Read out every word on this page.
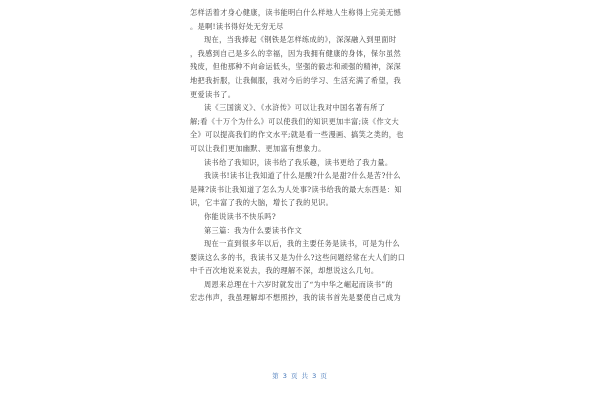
怎样活着才身心健康，读书能明白什么样地人生称得上完美无憾
。是啊!读书得好处无穷无尽
现在，当我捧起《钢铁是怎样练成的》，深深融入到里面时
，我感到自己是多么的幸福，因为我拥有健康的身体，保尔虽然
残废，但他那种不向命运低头，坚强的毅志和顽强的精神，深深
地把我折服，让我佩服，我对今后的学习、生活充满了希望，我
更爱读书了。
读《三国演义》、《水浒传》可以让我对中国名著有所了
解;看《十万个为什么》可以使我们的知识更加丰富;读《作文大
全》可以提高我们的作文水平;就是看一些漫画、搞笑之类的，也
可以让我们更加幽默、更加富有想象力。
读书给了我知识，读书给了我乐趣，读书更给了我力量。
我读书!读书让我知道了什么是酸?什么是甜?什么是苦?什么
是辣?读书让我知道了怎么为人处事?读书给我的最大东西是：知
识，它丰富了我的大脑，增长了我的见识。
你能说读书不快乐吗?
第三篇：我为什么要读书作文
现在一直到很多年以后，我的主要任务是读书，可是为什么
要读这么多的书，我读书又是为什么?这些问题经常在大人们的口
中千百次地说来说去，我的理解不深，却想说这么几句。
周恩来总理在十六岁时就发出了“为中华之崛起而读书”的
宏志伟声，我虽理解却不想照抄，我的读书首先是要使自己成为
第 3 页 共 3 页
